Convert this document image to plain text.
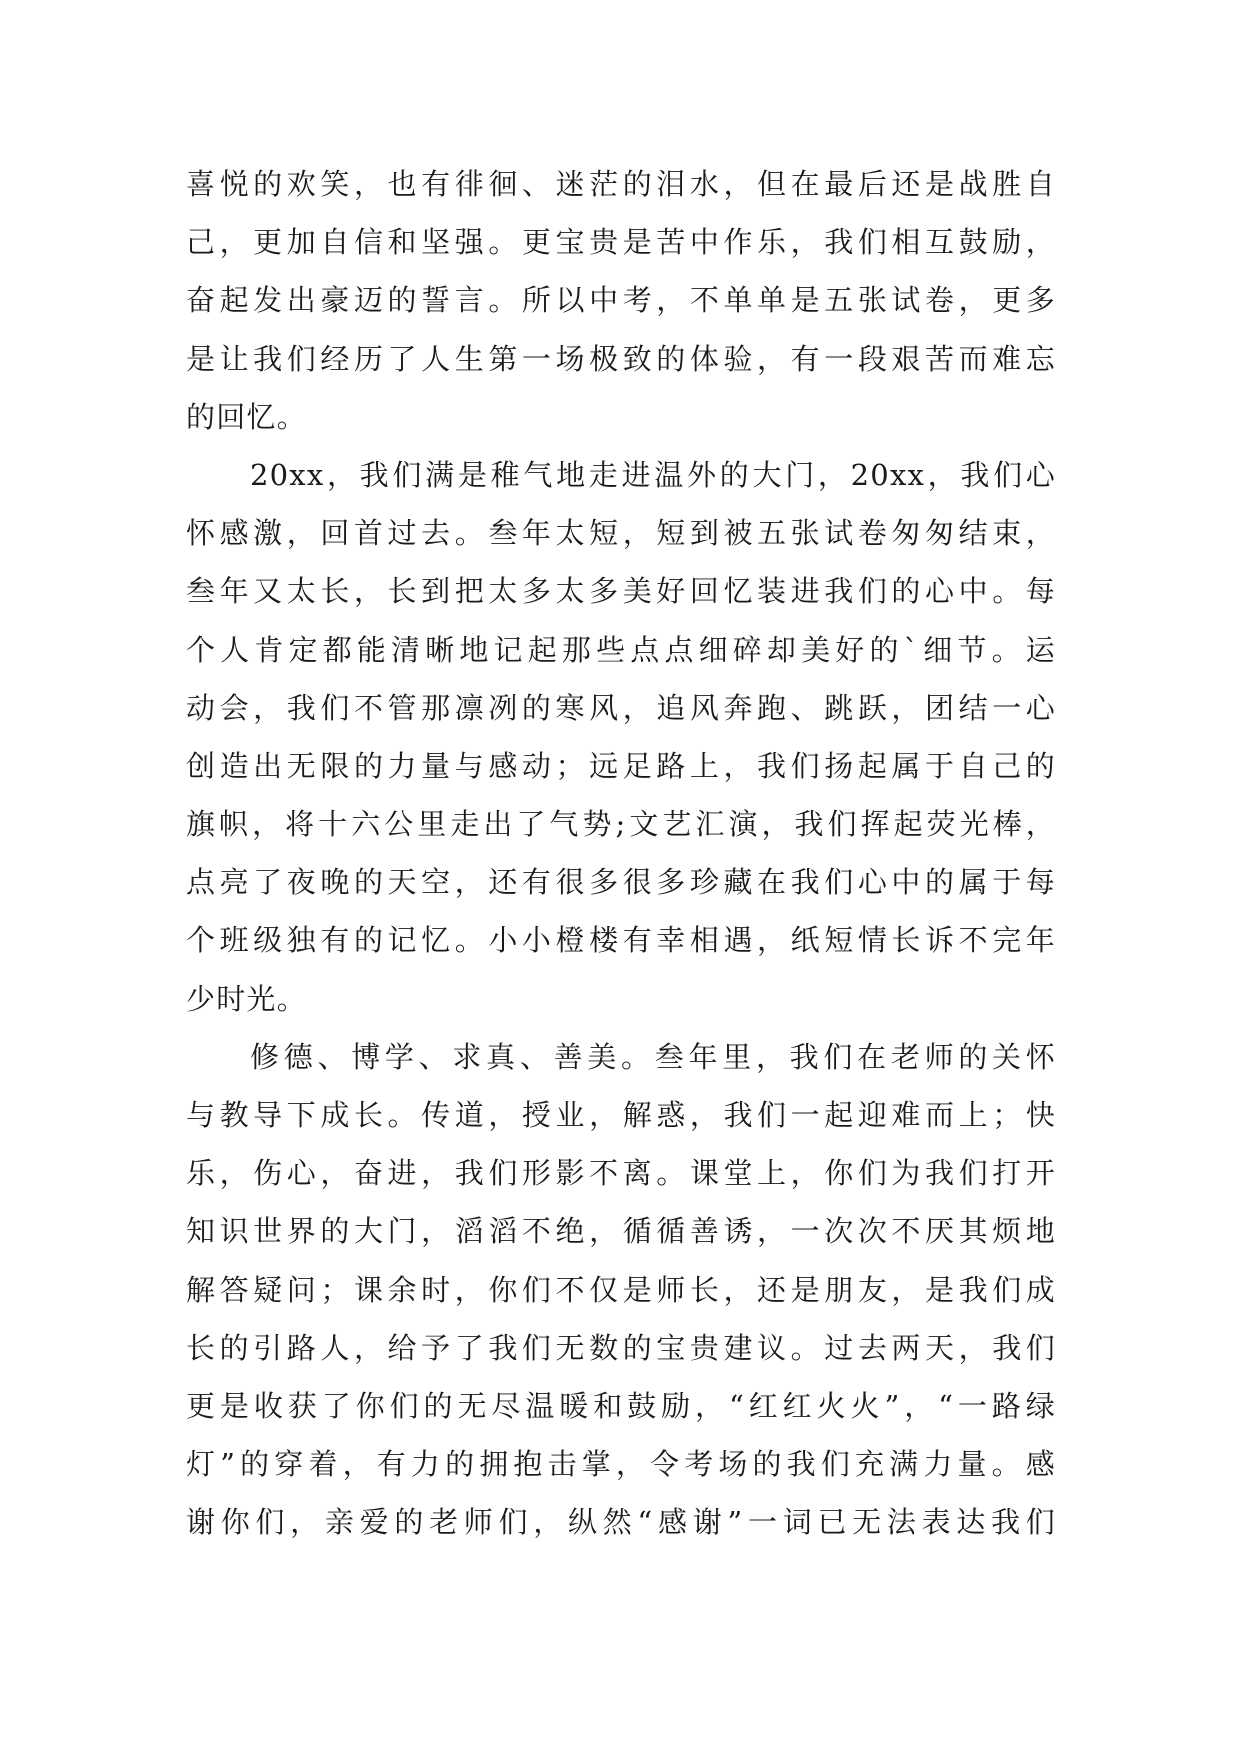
喜悦的欢笑，也有徘徊、迷茫的泪水，但在最后还是战胜自
己，更加自信和坚强。更宝贵是苦中作乐，我们相互鼓励，
奋起发出豪迈的誓言。所以中考，不单单是五张试卷，更多
是让我们经历了人生第一场极致的体验，有一段艰苦而难忘
的回忆。
20xx，我们满是稚气地走进温外的大门，20xx，我们心
怀感激，回首过去。叁年太短，短到被五张试卷匆匆结束，
叁年又太长，长到把太多太多美好回忆装进我们的心中。每
个人肯定都能清晰地记起那些点点细碎却美好的`细节。运
动会，我们不管那凛冽的寒风，追风奔跑、跳跃，团结一心
创造出无限的力量与感动；远足路上，我们扬起属于自己的
旗帜，将十六公里走出了气势;文艺汇演，我们挥起荧光棒，
点亮了夜晚的天空，还有很多很多珍藏在我们心中的属于每
个班级独有的记忆。小小橙楼有幸相遇，纸短情长诉不完年
少时光。
修德、博学、求真、善美。叁年里，我们在老师的关怀
与教导下成长。传道，授业，解惑，我们一起迎难而上；快
乐，伤心，奋进，我们形影不离。课堂上，你们为我们打开
知识世界的大门，滔滔不绝，循循善诱，一次次不厌其烦地
解答疑问；课余时，你们不仅是师长，还是朋友，是我们成
长的引路人，给予了我们无数的宝贵建议。过去两天，我们
更是收获了你们的无尽温暖和鼓励，“红红火火”，“一路绿
灯”的穿着，有力的拥抱击掌，令考场的我们充满力量。感
谢你们，亲爱的老师们，纵然“感谢”一词已无法表达我们
